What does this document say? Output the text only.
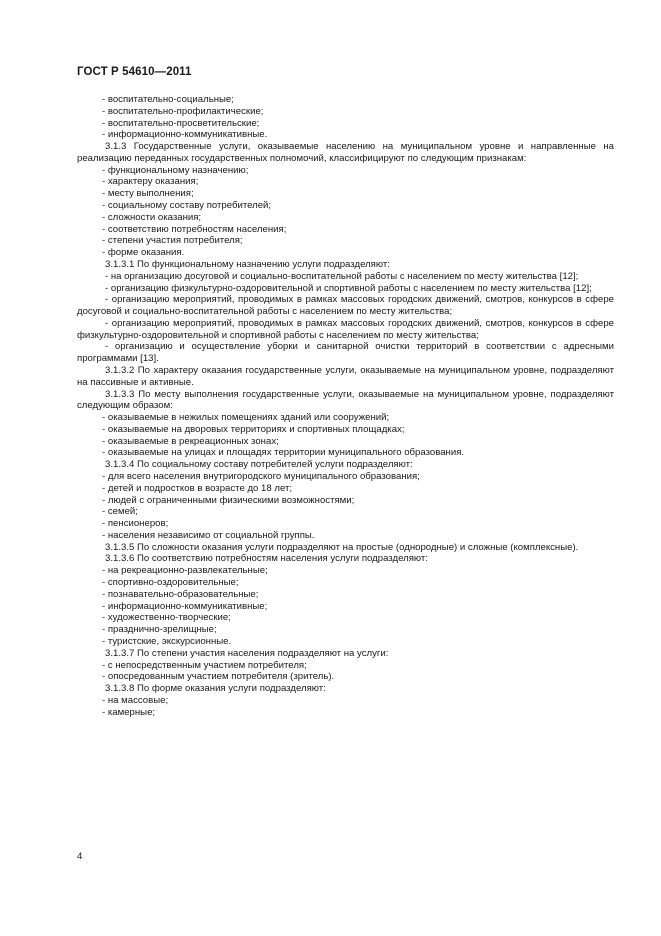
ГОСТ Р 54610—2011

- воспитательно-социальные;

- воспитательно-профилактические;

- воспитательно-просветительские;

- информационно-коммуникативные.

3.1.3 Государственные услуги, оказываемые населению на муниципальном уровне и направленные на реализацию переданных государственных полномочий, классифицируют по следующим признакам:

- функциональному назначению;

- характеру оказания;

- месту выполнения;

- социальному составу потребителей;

- сложности оказания;

- соответствию потребностям населения;

- степени участия потребителя;

- форме оказания.

3.1.3.1 По функциональному назначению услуги подразделяют:

- на организацию досуговой и социально-воспитательной работы с населением по месту жительства [12];

- организацию физкультурно-оздоровительной и спортивной работы с населением по месту жительства [12];

- организацию мероприятий, проводимых в рамках массовых городских движений, смотров, конкурсов в сфере досуговой и социально-воспитательной работы с населением по месту жительства;

- организацию мероприятий, проводимых в рамках массовых городских движений, смотров, конкурсов в сфере физкультурно-оздоровительной и спортивной работы с населением по месту жительства;

- организацию и осуществление уборки и санитарной очистки территорий в соответствии с адресными программами [13].

3.1.3.2 По характеру оказания государственные услуги, оказываемые на муниципальном уровне, подразделяют на пассивные и активные.

3.1.3.3 По месту выполнения государственные услуги, оказываемые на муниципальном уровне, подразделяют следующим образом:

- оказываемые в нежилых помещениях зданий или сооружений;

- оказываемые на дворовых территориях и спортивных площадках;

- оказываемые в рекреационных зонах;

- оказываемые на улицах и площадях территории муниципального образования.

3.1.3.4 По социальному составу потребителей услуги подразделяют:

- для всего населения внутригородского муниципального образования;

- детей и подростков в возрасте до 18 лет;

- людей с ограниченными физическими возможностями;

- семей;

- пенсионеров;

- населения независимо от социальной группы.

3.1.3.5 По сложности оказания услуги подразделяют на простые (однородные) и сложные (комплексные).

3.1.3.6 По соответствию потребностям населения услуги подразделяют:

- на рекреационно-развлекательные;

- спортивно-оздоровительные;

- познавательно-образовательные;

- информационно-коммуникативные;

- художественно-творческие;

- празднично-зрелищные;

- туристские, экскурсионные.

3.1.3.7 По степени участия населения подразделяют на услуги:

- с непосредственным участием потребителя;

- опосредованным участием потребителя (зритель).

3.1.3.8 По форме оказания услуги подразделяют:

- на массовые;

- камерные;

4
